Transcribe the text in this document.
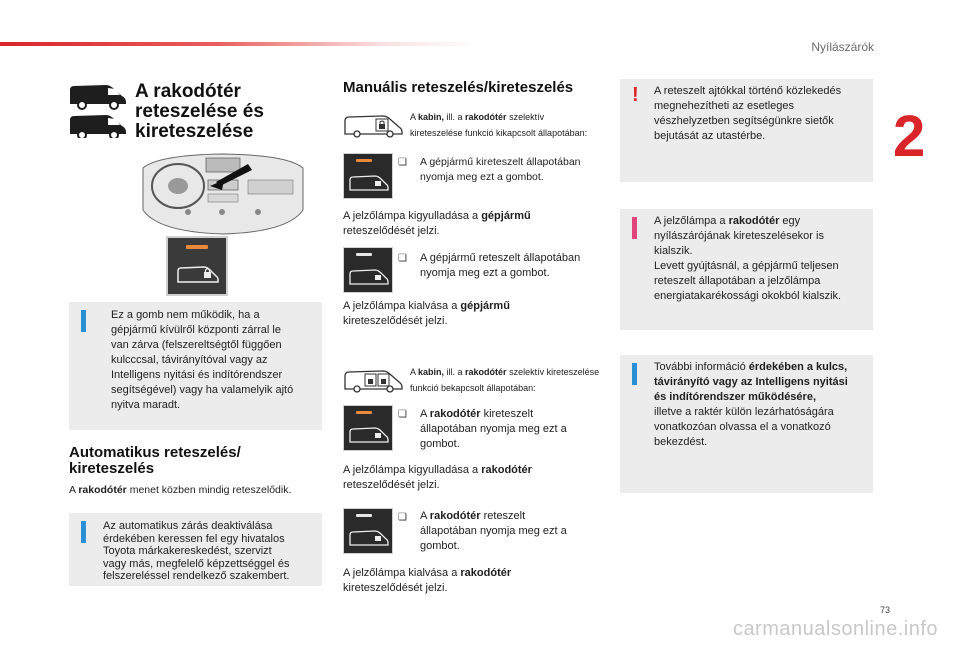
Nyílászárók
2
A rakodótér
reteszelése és
kireteszelése
Ez a gomb nem működik, ha a
gépjármű kívülről központi zárral le
van zárva (felszereltségtől függően
kulcccsal, távirányítóval vagy az
Intelligens nyitási és indítórendszer
segítségével) vagy ha valamelyik ajtó
nyitva maradt.
Automatikus reteszelés/
kireteszelés
A rakodótér menet közben mindig reteszelődik.
Az automatikus zárás deaktiválása
érdekében keressen fel egy hivatalos
Toyota márkakereskedést, szervizt
vagy más, megfelelő képzettséggel és
felszereléssel rendelkező szakembert.
Manuális reteszelés/kireteszelés
A kabin, ill. a rakodótér szelektív
kireteszelése funkció kikapcsolt állapotában:
❏ A gépjármű kireteszelt állapotában
nyomja meg ezt a gombot.
A jelzőlámpa kigyulladása a gépjármű
reteszelődését jelzi.
❏ A gépjármű reteszelt állapotában
nyomja meg ezt a gombot.
A jelzőlámpa kialvása a gépjármű
kireteszelődését jelzi.
A kabin, ill. a rakodótér szelektív kireteszelése
funkció bekapcsolt állapotában:
❏ A rakodótér kireteszelt
állapotában nyomja meg ezt a
gombot.
A jelzőlámpa kigyulladása a rakodótér
reteszelődését jelzi.
❏ A rakodótér reteszelt
állapotában nyomja meg ezt a
gombot.
A jelzőlámpa kialvása a rakodótér
kireteszelődését jelzi.
! A reteszelt ajtókkal történő közlekedés
megnehezítheti az esetleges
vészhelyzetben segítségünkre sietők
bejutását az utastérbe.
A jelzőlámpa a rakodótér egy
nyílászárójának kireteszelésekor is
kialszik.
Levett gyújtásnál, a gépjármű teljesen
reteszelt állapotában a jelzőlámpa
energiatakarékossági okokból kialszik.
További információ érdekében a kulcs,
távirányító vagy az Intelligens nyitási
és indítórendszer működésére,
illetve a raktér külön lezárhatóságára
vonatkozóan olvassa el a vonatkozó
bekezdést.
73
carmanualsonline.info
